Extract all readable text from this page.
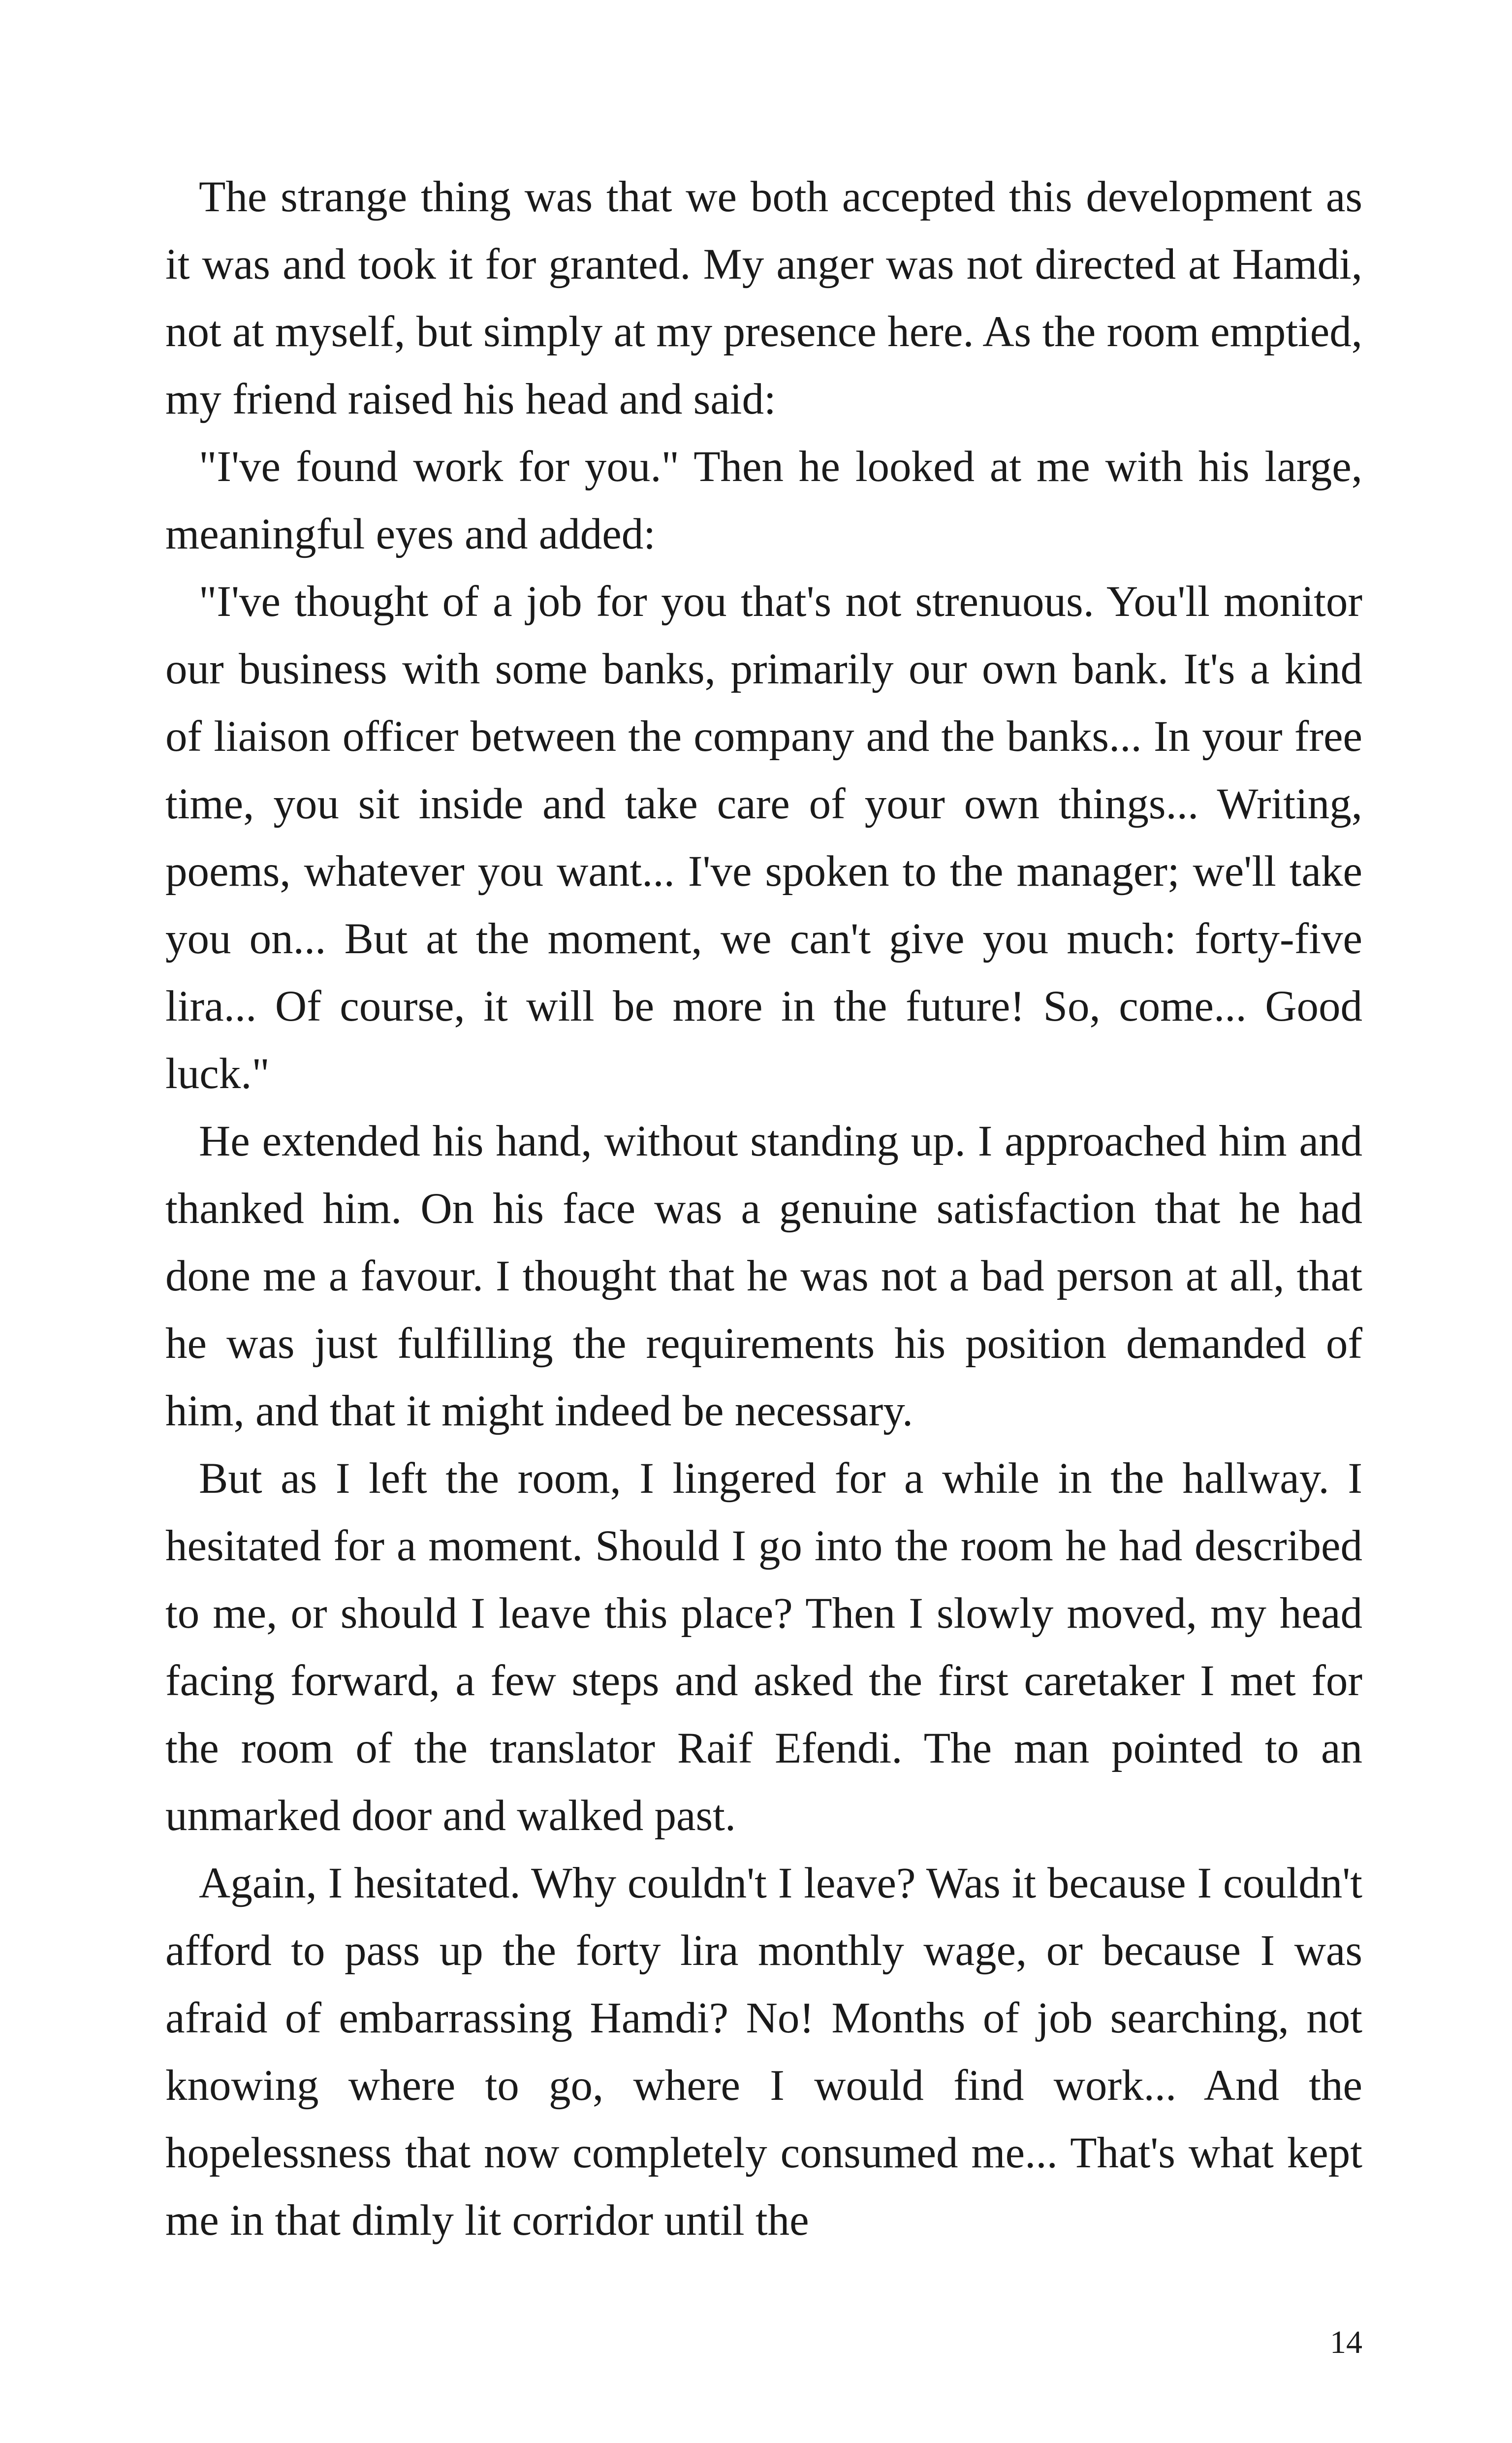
The strange thing was that we both accepted this development as it was and took it for granted. My anger was not directed at Hamdi, not at myself, but simply at my presence here. As the room emptied, my friend raised his head and said:

"I've found work for you." Then he looked at me with his large, meaningful eyes and added:

"I've thought of a job for you that's not strenuous. You'll monitor our business with some banks, primarily our own bank. It's a kind of liaison officer between the company and the banks... In your free time, you sit inside and take care of your own things... Writing, poems, whatever you want... I've spoken to the manager; we'll take you on... But at the moment, we can't give you much: forty-five lira... Of course, it will be more in the future! So, come... Good luck."

He extended his hand, without standing up. I approached him and thanked him. On his face was a genuine satisfaction that he had done me a favour. I thought that he was not a bad person at all, that he was just fulfilling the requirements his position demanded of him, and that it might indeed be necessary.

But as I left the room, I lingered for a while in the hallway. I hesitated for a moment. Should I go into the room he had described to me, or should I leave this place? Then I slowly moved, my head facing forward, a few steps and asked the first caretaker I met for the room of the translator Raif Efendi. The man pointed to an unmarked door and walked past.

Again, I hesitated. Why couldn't I leave? Was it because I couldn't afford to pass up the forty lira monthly wage, or because I was afraid of embarrassing Hamdi? No! Months of job searching, not knowing where to go, where I would find work... And the hopelessness that now completely consumed me... That's what kept me in that dimly lit corridor until the

14
